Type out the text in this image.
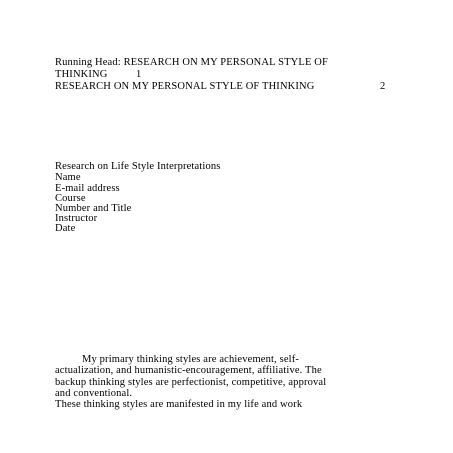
Running Head: RESEARCH ON MY PERSONAL STYLE OF
THINKING	1
RESEARCH ON MY PERSONAL STYLE OF THINKING	2
Research on Life Style Interpretations
Name
E-mail address
Course
Number and Title
Instructor
Date
My primary thinking styles are achievement, self-
actualization, and humanistic-encouragement, affiliative. The
backup thinking styles are perfectionist, competitive, approval
and conventional.
These thinking styles are manifested in my life and work
